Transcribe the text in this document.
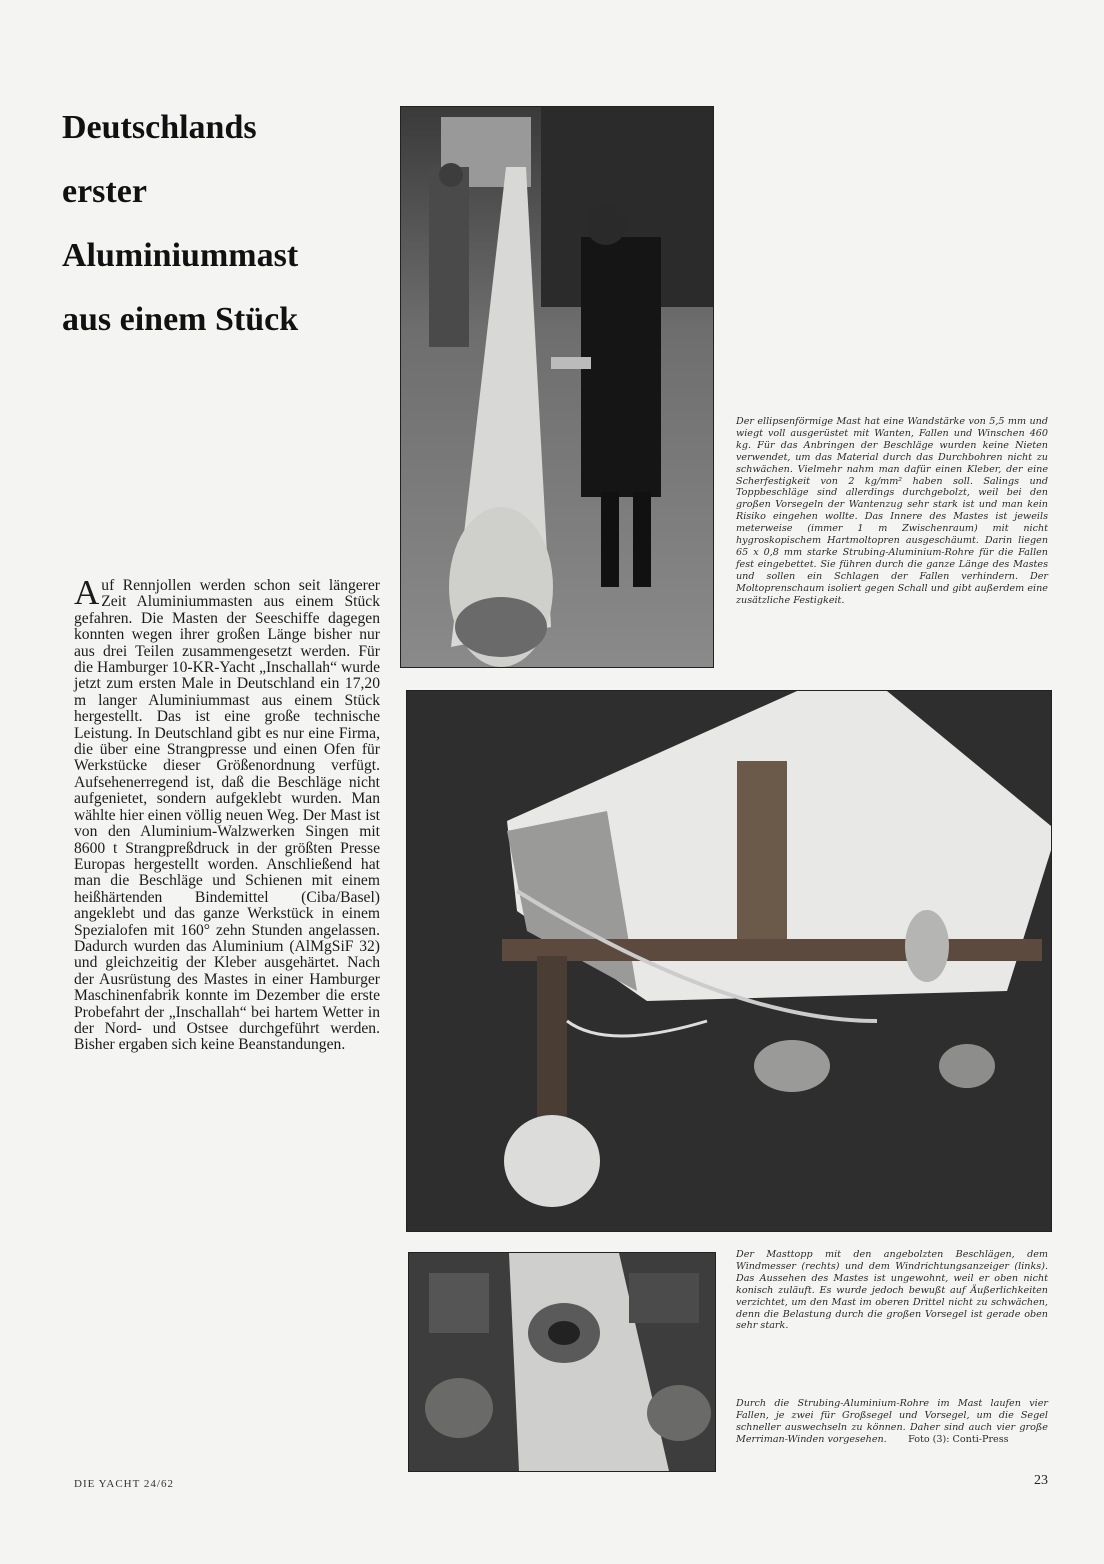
Deutschlands
erster
Aluminiummast
aus einem Stück

Der ellipsenförmige Mast hat eine Wandstärke von 5,5 mm und wiegt voll ausgerüstet mit Wanten, Fallen und Winschen 460 kg. Für das Anbringen der Beschläge wurden keine Nieten verwendet, um das Material durch das Durchbohren nicht zu schwächen. Vielmehr nahm man dafür einen Kleber, der eine Scherfestigkeit von 2 kg/mm² haben soll. Salings und Toppbeschläge sind allerdings durchgebolzt, weil bei den großen Vorsegeln der Wantenzug sehr stark ist und man kein Risiko eingehen wollte. Das Innere des Mastes ist jeweils meterweise (immer 1 m Zwischenraum) mit nicht hygroskopischem Hartmoltopren ausgeschäumt. Darin liegen 65 x 0,8 mm starke Strubing-Aluminium-Rohre für die Fallen fest eingebettet. Sie führen durch die ganze Länge des Mastes und sollen ein Schlagen der Fallen verhindern. Der Moltoprenschaum isoliert gegen Schall und gibt außerdem eine zusätzliche Festigkeit.

Auf Rennjollen werden schon seit längerer Zeit Aluminiummasten aus einem Stück gefahren. Die Masten der Seeschiffe dagegen konnten wegen ihrer großen Länge bisher nur aus drei Teilen zusammengesetzt werden. Für die Hamburger 10-KR-Yacht „Inschallah“ wurde jetzt zum ersten Male in Deutschland ein 17,20 m langer Aluminiummast aus einem Stück hergestellt. Das ist eine große technische Leistung. In Deutschland gibt es nur eine Firma, die über eine Strangpresse und einen Ofen für Werkstücke dieser Größenordnung verfügt. Aufsehenerregend ist, daß die Beschläge nicht aufgenietet, sondern aufgeklebt wurden. Man wählte hier einen völlig neuen Weg. Der Mast ist von den Aluminium-Walzwerken Singen mit 8600 t Strangpreßdruck in der größten Presse Europas hergestellt worden. Anschließend hat man die Beschläge und Schienen mit einem heißhärtenden Bindemittel (Ciba/Basel) angeklebt und das ganze Werkstück in einem Spezialofen mit 160° zehn Stunden angelassen. Dadurch wurden das Aluminium (AlMgSiF 32) und gleichzeitig der Kleber ausgehärtet. Nach der Ausrüstung des Mastes in einer Hamburger Maschinenfabrik konnte im Dezember die erste Probefahrt der „Inschallah“ bei hartem Wetter in der Nord- und Ostsee durchgeführt werden. Bisher ergaben sich keine Beanstandungen.

Der Masttopp mit den angebolzten Beschlägen, dem Windmesser (rechts) und dem Windrichtungsanzeiger (links). Das Aussehen des Mastes ist ungewohnt, weil er oben nicht konisch zuläuft. Es wurde jedoch bewußt auf Äußerlichkeiten verzichtet, um den Mast im oberen Drittel nicht zu schwächen, denn die Belastung durch die großen Vorsegel ist gerade oben sehr stark.

Durch die Strubing-Aluminium-Rohre im Mast laufen vier Fallen, je zwei für Großsegel und Vorsegel, um die Segel schneller auswechseln zu können. Daher sind auch vier große Merriman-Winden vorgesehen. Foto (3): Conti-Press

DIE YACHT 24/62	23
